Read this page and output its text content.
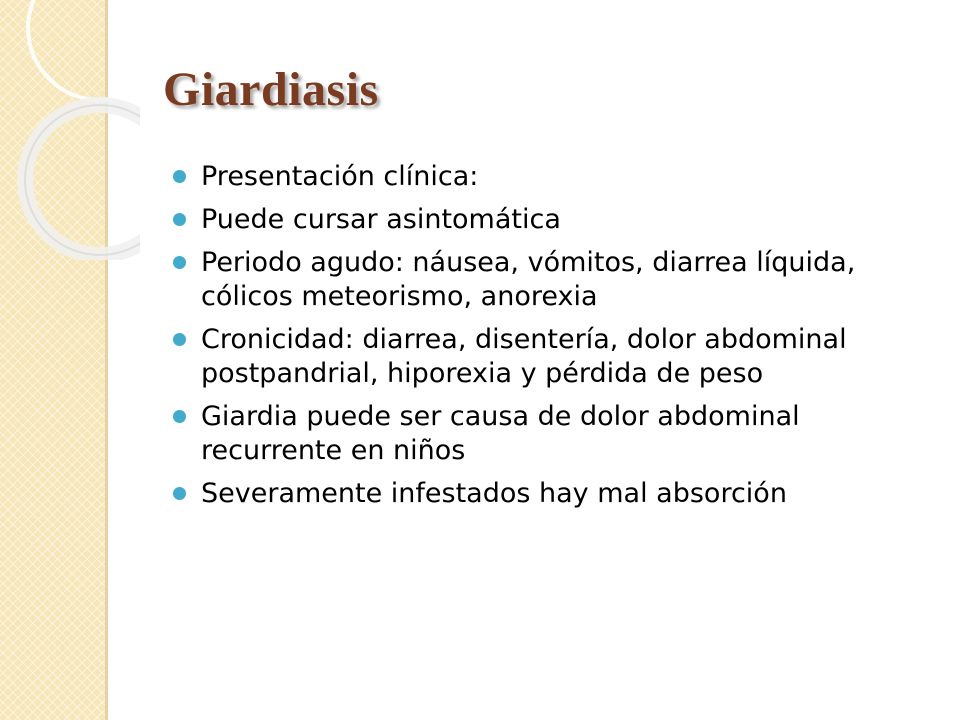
Giardiasis
Presentación clínica:
Puede cursar asintomática
Periodo agudo: náusea, vómitos, diarrea líquida, cólicos meteorismo, anorexia
Cronicidad: diarrea, disentería, dolor abdominal postpandrial, hiporexia y pérdida de peso
Giardia puede ser causa de dolor abdominal recurrente en niños
Severamente infestados hay mal absorción
